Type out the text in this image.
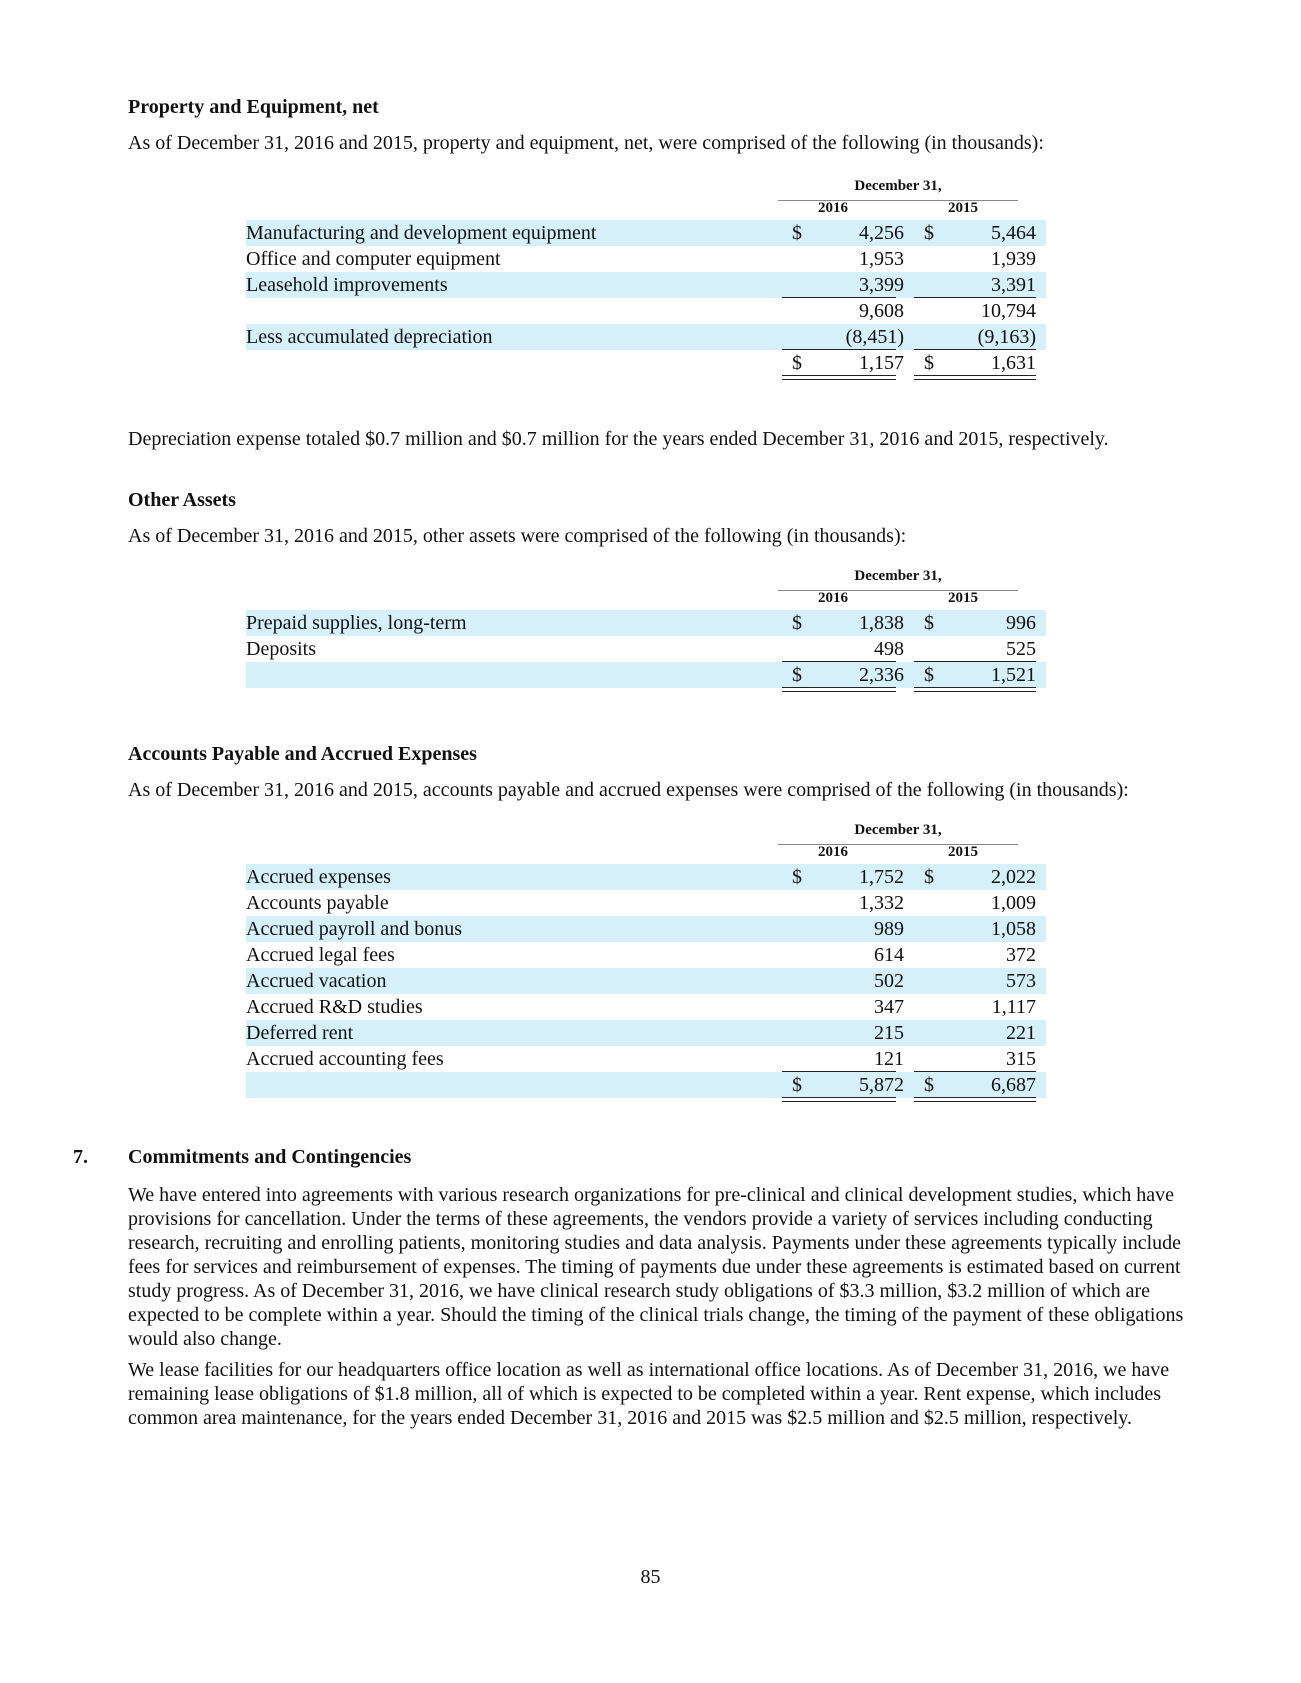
Property and Equipment, net
As of December 31, 2016 and 2015, property and equipment, net, were comprised of the following (in thousands):
December 31,
2016	2015
Manufacturing and development equipment	$	4,256 $	5,464
Office and computer equipment	1,953	1,939
Leasehold improvements	3,399	3,391
9,608	10,794
Less accumulated depreciation	(8,451)	(9,163)
$	1,157 $	1,631
Depreciation expense totaled $0.7 million and $0.7 million for the years ended December 31, 2016 and 2015, respectively.
Other Assets
As of December 31, 2016 and 2015, other assets were comprised of the following (in thousands):
December 31,
2016	2015
Prepaid supplies, long-term	$	1,838 $	996
Deposits	498	525
$	2,336 $	1,521
Accounts Payable and Accrued Expenses
As of December 31, 2016 and 2015, accounts payable and accrued expenses were comprised of the following (in thousands):
December 31,
2016	2015
Accrued expenses	$	1,752 $	2,022
Accounts payable	1,332	1,009
Accrued payroll and bonus	989	1,058
Accrued legal fees	614	372
Accrued vacation	502	573
Accrued R&D studies	347	1,117
Deferred rent	215	221
Accrued accounting fees	121	315
$	5,872 $	6,687
7. Commitments and Contingencies
We have entered into agreements with various research organizations for pre-clinical and clinical development studies, which have provisions for cancellation. Under the terms of these agreements, the vendors provide a variety of services including conducting research, recruiting and enrolling patients, monitoring studies and data analysis. Payments under these agreements typically include fees for services and reimbursement of expenses. The timing of payments due under these agreements is estimated based on current study progress. As of December 31, 2016, we have clinical research study obligations of $3.3 million, $3.2 million of which are expected to be complete within a year. Should the timing of the clinical trials change, the timing of the payment of these obligations would also change.
We lease facilities for our headquarters office location as well as international office locations. As of December 31, 2016, we have remaining lease obligations of $1.8 million, all of which is expected to be completed within a year. Rent expense, which includes common area maintenance, for the years ended December 31, 2016 and 2015 was $2.5 million and $2.5 million, respectively.
85
